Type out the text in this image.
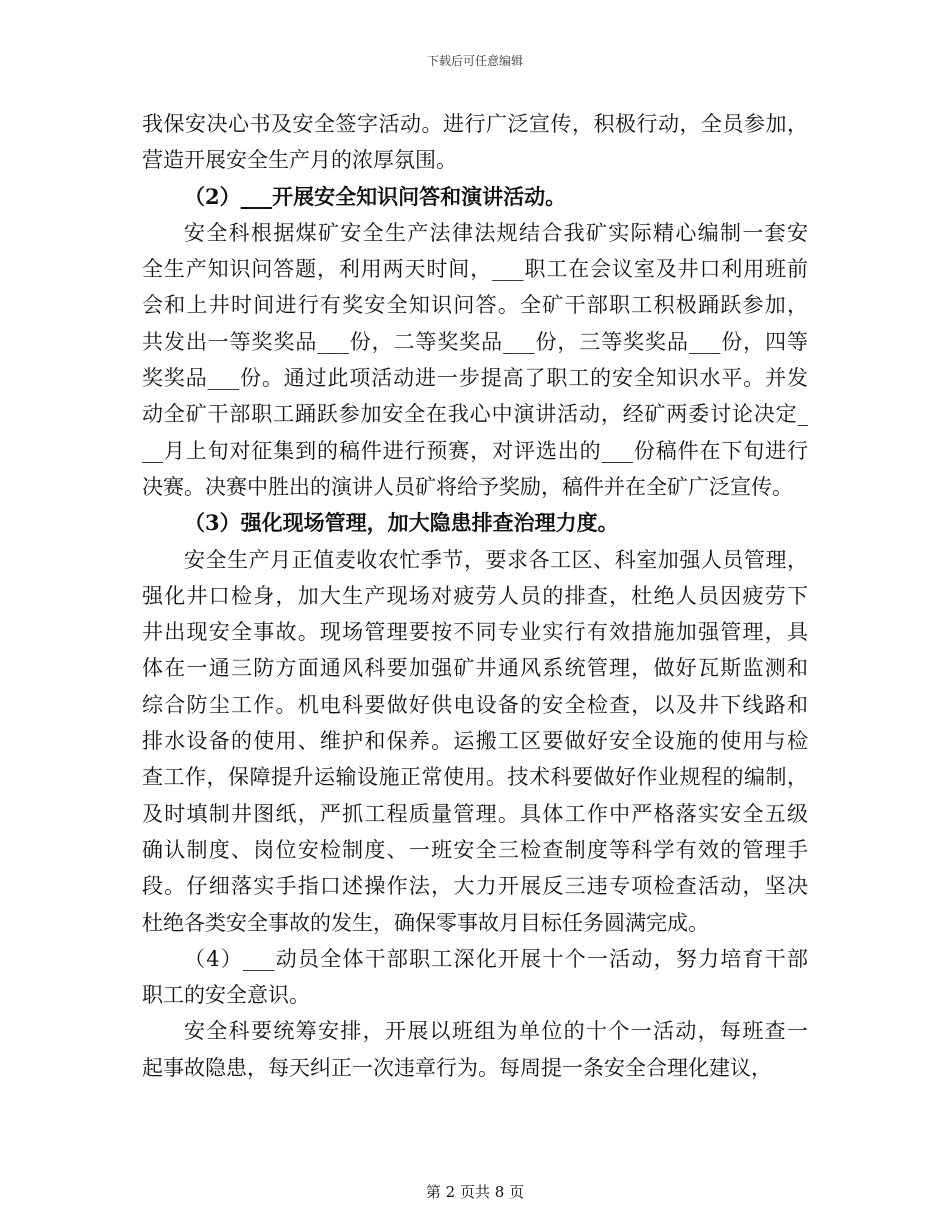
下载后可任意编辑
我保安决心书及安全签字活动。进行广泛宣传，积极行动，全员参加，
营造开展安全生产月的浓厚氛围。
（2）___开展安全知识问答和演讲活动。
安全科根据煤矿安全生产法律法规结合我矿实际精心编制一套安
全生产知识问答题，利用两天时间，___职工在会议室及井口利用班前
会和上井时间进行有奖安全知识问答。全矿干部职工积极踊跃参加，
共发出一等奖奖品___份，二等奖奖品___份，三等奖奖品___份，四等
奖奖品___份。通过此项活动进一步提高了职工的安全知识水平。并发
动全矿干部职工踊跃参加安全在我心中演讲活动，经矿两委讨论决定_
__月上旬对征集到的稿件进行预赛，对评选出的___份稿件在下旬进行
决赛。决赛中胜出的演讲人员矿将给予奖励，稿件并在全矿广泛宣传。
（3）强化现场管理，加大隐患排查治理力度。
安全生产月正值麦收农忙季节，要求各工区、科室加强人员管理，
强化井口检身，加大生产现场对疲劳人员的排查，杜绝人员因疲劳下
井出现安全事故。现场管理要按不同专业实行有效措施加强管理，具
体在一通三防方面通风科要加强矿井通风系统管理，做好瓦斯监测和
综合防尘工作。机电科要做好供电设备的安全检查，以及井下线路和
排水设备的使用、维护和保养。运搬工区要做好安全设施的使用与检
查工作，保障提升运输设施正常使用。技术科要做好作业规程的编制，
及时填制井图纸，严抓工程质量管理。具体工作中严格落实安全五级
确认制度、岗位安检制度、一班安全三检查制度等科学有效的管理手
段。仔细落实手指口述操作法，大力开展反三违专项检查活动，坚决
杜绝各类安全事故的发生，确保零事故月目标任务圆满完成。
（4）___动员全体干部职工深化开展十个一活动，努力培育干部
职工的安全意识。
安全科要统筹安排，开展以班组为单位的十个一活动，每班查一
起事故隐患，每天纠正一次违章行为。每周提一条安全合理化建议，
第 2 页共 8 页
